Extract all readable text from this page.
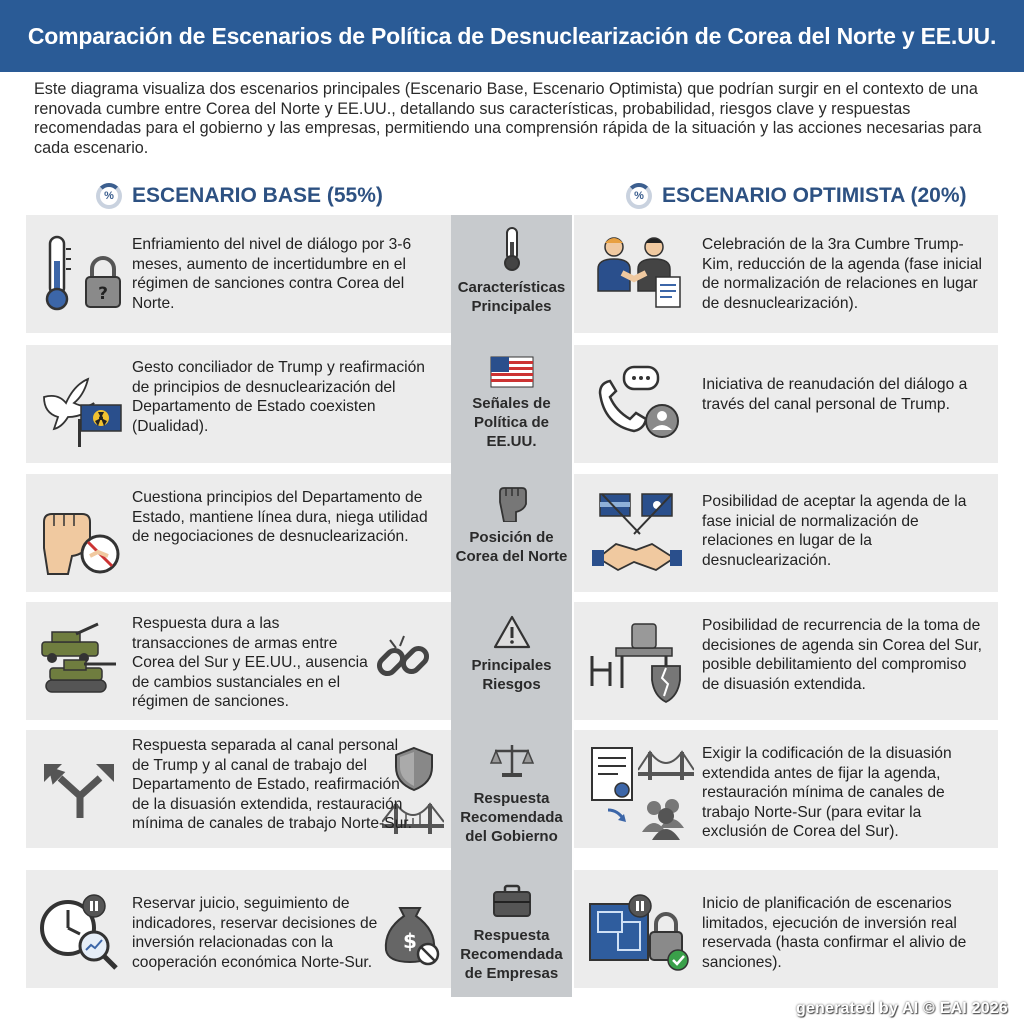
Comparación de Escenarios de Política de Desnuclearización de Corea del Norte y EE.UU.
Este diagrama visualiza dos escenarios principales (Escenario Base, Escenario Optimista) que podrían surgir en el contexto de una renovada cumbre entre Corea del Norte y EE.UU., detallando sus características, probabilidad, riesgos clave y respuestas recomendadas para el gobierno y las empresas, permitiendo una comprensión rápida de la situación y las acciones necesarias para cada escenario.
% ESCENARIO BASE (55%)	% ESCENARIO OPTIMISTA (20%)
?
Enfriamiento del nivel de diálogo por 3-6 meses, aumento de incertidumbre en el régimen de sanciones contra Corea del Norte.
Características Principales
Celebración de la 3ra Cumbre Trump-Kim, reducción de la agenda (fase inicial de normalización de relaciones en lugar de desnuclearización).
Gesto conciliador de Trump y reafirmación de principios de desnuclearización del Departamento de Estado coexisten (Dualidad).
Señales de Política de EE.UU.
Iniciativa de reanudación del diálogo a través del canal personal de Trump.
Cuestiona principios del Departamento de Estado, mantiene línea dura, niega utilidad de negociaciones de desnuclearización.	Posición de Corea del Norte
Posibilidad de aceptar la agenda de la fase inicial de normalización de relaciones en lugar de la desnuclearización.
Respuesta dura a las transacciones de armas entre Corea del Sur y EE.UU., ausencia de cambios sustanciales en el régimen de sanciones.
Principales Riesgos
Posibilidad de recurrencia de la toma de decisiones de agenda sin Corea del Sur, posible debilitamiento del compromiso de disuasión extendida.
Respuesta separada al canal personal de Trump y al canal de trabajo del Departamento de Estado, reafirmación de la disuasión extendida, restauración mínima de canales de trabajo Norte-Sur.
Respuesta Recomendada del Gobierno
Exigir la codificación de la disuasión extendida antes de fijar la agenda, restauración mínima de canales de trabajo Norte-Sur (para evitar la exclusión de Corea del Sur).
$
Reservar juicio, seguimiento de indicadores, reservar decisiones de inversión relacionadas con la cooperación económica Norte-Sur.
Respuesta Recomendada de Empresas
Inicio de planificación de escenarios limitados, ejecución de inversión real reservada (hasta confirmar el alivio de sanciones).
generated by AI © EAI 2026
